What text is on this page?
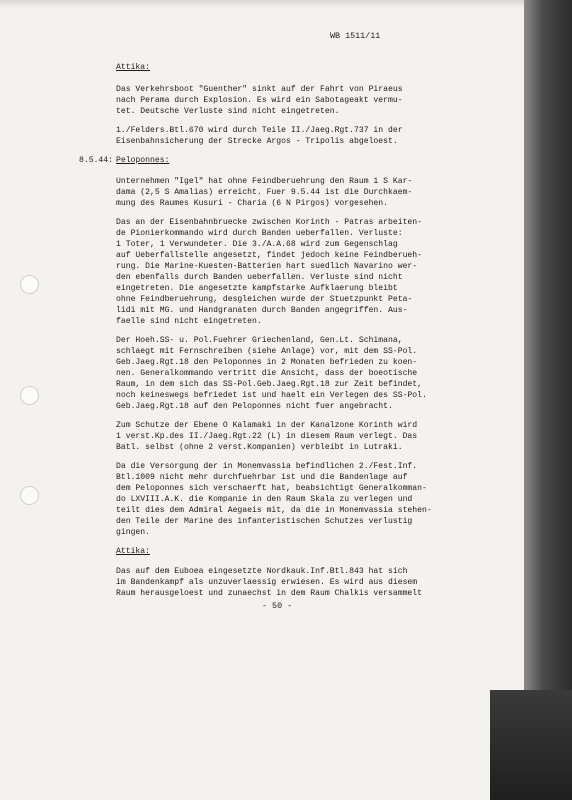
WB 1511/11
Attika:
Das Verkehrsboot "Guenther" sinkt auf der Fahrt von Piraeus
nach Perama durch Explosion. Es wird ein Sabotageakt vermu-
tet. Deutsche Verluste sind nicht eingetreten.
1./Felders.Btl.670 wird durch Teile II./Jaeg.Rgt.737 in der
Eisenbahnsicherung der Strecke Argos - Tripolis abgeloest.
8.5.44: Peloponnes:
Unternehmen "Igel" hat ohne Feindberuehrung den Raum 1 S Kar-
dama (2,5 S Amalias) erreicht. Fuer 9.5.44 ist die Durchkaem-
mung des Raumes Kusuri - Charia (6 N Pirgos) vorgesehen.
Das an der Eisenbahnbruecke zwischen Korinth - Patras arbeiten-
de Pionierkommando wird durch Banden ueberfallen. Verluste:
1 Toter, 1 Verwundeter. Die 3./A.A.68 wird zum Gegenschlag
auf Ueberfallstelle angesetzt, findet jedoch keine Feindberueh-
rung. Die Marine-Kuesten-Batterien hart suedlich Navarino wer-
den ebenfalls durch Banden ueberfallen. Verluste sind nicht
eingetreten. Die angesetzte kampfstarke Aufklaerung bleibt
ohne Feindberuehrung, desgleichen wurde der Stuetzpunkt Peta-
lidi mit MG. und Handgranaten durch Banden angegriffen. Aus-
faelle sind nicht eingetreten.
Der Hoeh.SS- u. Pol.Fuehrer Griechenland, Gen.Lt. Schimana,
schlaegt mit Fernschreiben (siehe Anlage) vor, mit dem SS-Pol.
Geb.Jaeg.Rgt.18 den Peloponnes in 2 Monaten befrieden zu koen-
nen. Generalkommando vertritt die Ansicht, dass der boeotische
Raum, in dem sich das SS-Pol.Geb.Jaeg.Rgt.18 zur Zeit befindet,
noch keineswegs befriedet ist und haelt ein Verlegen des SS-Pol.
Geb.Jaeg.Rgt.18 auf den Peloponnes nicht fuer angebracht.
Zum Schutze der Ebene O Kalamaki in der Kanalzone Korinth wird
1 verst.Kp.des II./Jaeg.Rgt.22 (L) in diesem Raum verlegt. Das
Batl. selbst (ohne 2 verst.Kompanien) verbleibt in Lutraki.
Da die Versorgung der in Monemvassia befindlichen 2./Fest.Inf.
Btl.1009 nicht mehr durchfuehrbar ist und die Bandenlage auf
dem Peloponnes sich verschaerft hat, beabsichtigt Generalkomman-
do LXVIII.A.K. die Kompanie in den Raum Skala zu verlegen und
teilt dies dem Admiral Aegaeis mit, da die in Monemvassia stehen-
den Teile der Marine des infanteristischen Schutzes verlustig
gingen.
Attika:
Das auf dem Euboea eingesetzte Nordkauk.Inf.Btl.843 hat sich
im Bandenkampf als unzuverlaessig erwiesen. Es wird aus diesem
Raum herausgeloest und zunaechst in dem Raum Chalkis versammelt
- 50 -
